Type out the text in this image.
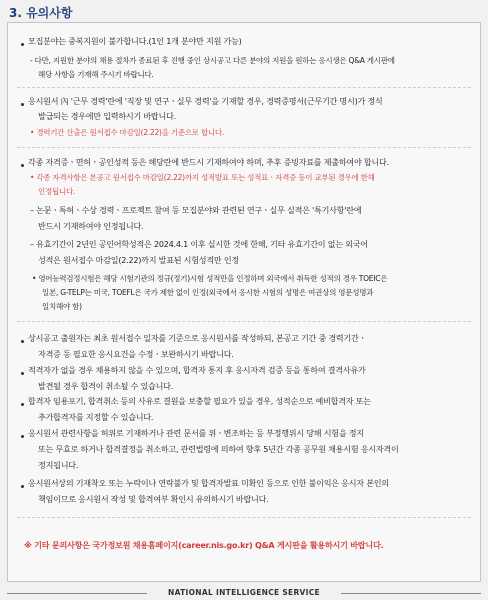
3. 유의사항
모집분야는 중복지원이 불가합니다.(1인 1개 분야만 지원 가능)
- 다만, 지원한 분야의 채용 절차가 종료된 후 진행 중인 상시공고 다른 분야의 지원을 원하는 응시생은 Q&A 게시판에
해당 사항을 기재해 주시기 바랍니다.
응시원서 內 '근무 경력'란에 '직장 및 연구ㆍ실무 경력'을 기재할 경우, 경력증명서(근무기간 명시)가 정식
발급되는 경우에만 입력하시기 바랍니다.
• 경력기간 산출은 원서접수 마감일(2.22)을 기준으로 합니다.
각종 자격증ㆍ면허ㆍ공인성적 등은 해당란에 반드시 기재하여야 하며, 추후 증빙자료를 제출하여야 합니다.
• 각종 자격사항은 본공고 원서접수 마감일(2.22)까지 성적발표 또는 성적표ㆍ자격증 등이 교부된 경우에 한해
인정됩니다.
– 논문ㆍ특허ㆍ수상 경력ㆍ프로젝트 참여 등 모집분야와 관련된 연구ㆍ실무 실적은 '특기사항'란에
반드시 기재하여야 인정됩니다.
– 유효기간이 2년인 공인어학성적은 2024.4.1 이후 실시한 것에 한해, 기타 유효기간이 없는 외국어
성적은 원서접수 마감일(2.22)까지 발표된 시험성적만 인정
• 영어능력검정시험은 해당 시험기관의 정규(정기)시험 성적만을 인정하며 외국에서 취득한 성적의 경우 TOEIC은
일본, G-TELP는 미국, TOEFL은 국가 제한 없이 인정(외국에서 응시한 시험의 성명은 여권상의 영문성명과
일치해야 함)
상시공고 출원자는 최초 원서접수 일자를 기준으로 응시원서를 작성하되, 본공고 기간 중 경력기간ㆍ
자격증 등 필요한 응시요건을 수정ㆍ보완하시기 바랍니다.
적격자가 없을 경우 채용하지 않을 수 있으며, 합격자 통지 후 응시자격 검증 등을 통하여 결격사유가
발견될 경우 합격이 취소될 수 있습니다.
합격자 임용포기, 합격취소 등의 사유로 결원을 보충할 필요가 있을 경우, 성적순으로 예비합격자 또는
추가합격자를 지정할 수 있습니다.
응시원서 관련사항을 허위로 기재하거나 관련 문서를 위ㆍ변조하는 등 부정행위시 당해 시험을 정지
또는 무효로 하거나 합격결정을 취소하고, 관련법령에 의하여 향후 5년간 각종 공무원 채용시험 응시자격이
정지됩니다.
응시원서상의 기재착오 또는 누락이나 연락불가 및 합격자발표 미확인 등으로 인한 불이익은 응시자 본인의
책임이므로 응시원서 작성 및 합격여부 확인시 유의하시기 바랍니다.
※ 기타 문의사항은 국가정보원 채용홈페이지(career.nis.go.kr) Q&A 게시판을 활용하시기 바랍니다.
NATIONAL INTELLIGENCE SERVICE
